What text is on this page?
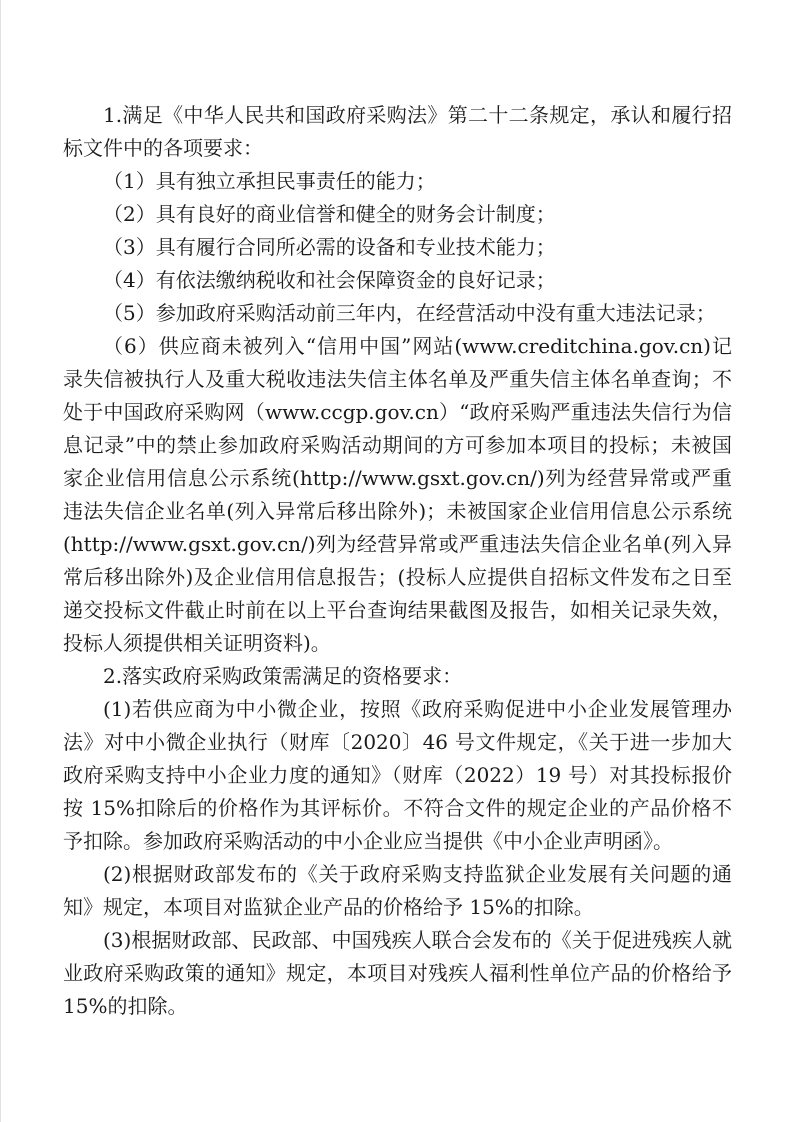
1.满足《中华人民共和国政府采购法》第二十二条规定，承认和履行招标文件中的各项要求：

（1）具有独立承担民事责任的能力；

（2）具有良好的商业信誉和健全的财务会计制度；

（3）具有履行合同所必需的设备和专业技术能力；

（4）有依法缴纳税收和社会保障资金的良好记录；

（5）参加政府采购活动前三年内，在经营活动中没有重大违法记录；

（6）供应商未被列入“信用中国”网站(www.creditchina.gov.cn)记录失信被执行人及重大税收违法失信主体名单及严重失信主体名单查询；不处于中国政府采购网（www.ccgp.gov.cn）“政府采购严重违法失信行为信息记录”中的禁止参加政府采购活动期间的方可参加本项目的投标；未被国家企业信用信息公示系统(http://www.gsxt.gov.cn/)列为经营异常或严重违法失信企业名单(列入异常后移出除外)；未被国家企业信用信息公示系统(http://www.gsxt.gov.cn/)列为经营异常或严重违法失信企业名单(列入异常后移出除外)及企业信用信息报告；(投标人应提供自招标文件发布之日至递交投标文件截止时前在以上平台查询结果截图及报告，如相关记录失效，投标人须提供相关证明资料)。

2.落实政府采购政策需满足的资格要求：

(1)若供应商为中小微企业，按照《政府采购促进中小企业发展管理办法》对中小微企业执行（财库〔2020〕46 号文件规定，《关于进一步加大政府采购支持中小企业力度的通知》（财库（2022）19 号）对其投标报价按 15%扣除后的价格作为其评标价。不符合文件的规定企业的产品价格不予扣除。参加政府采购活动的中小企业应当提供《中小企业声明函》。

(2)根据财政部发布的《关于政府采购支持监狱企业发展有关问题的通知》规定，本项目对监狱企业产品的价格给予 15%的扣除。

(3)根据财政部、民政部、中国残疾人联合会发布的《关于促进残疾人就业政府采购政策的通知》规定，本项目对残疾人福利性单位产品的价格给予 15%的扣除。
